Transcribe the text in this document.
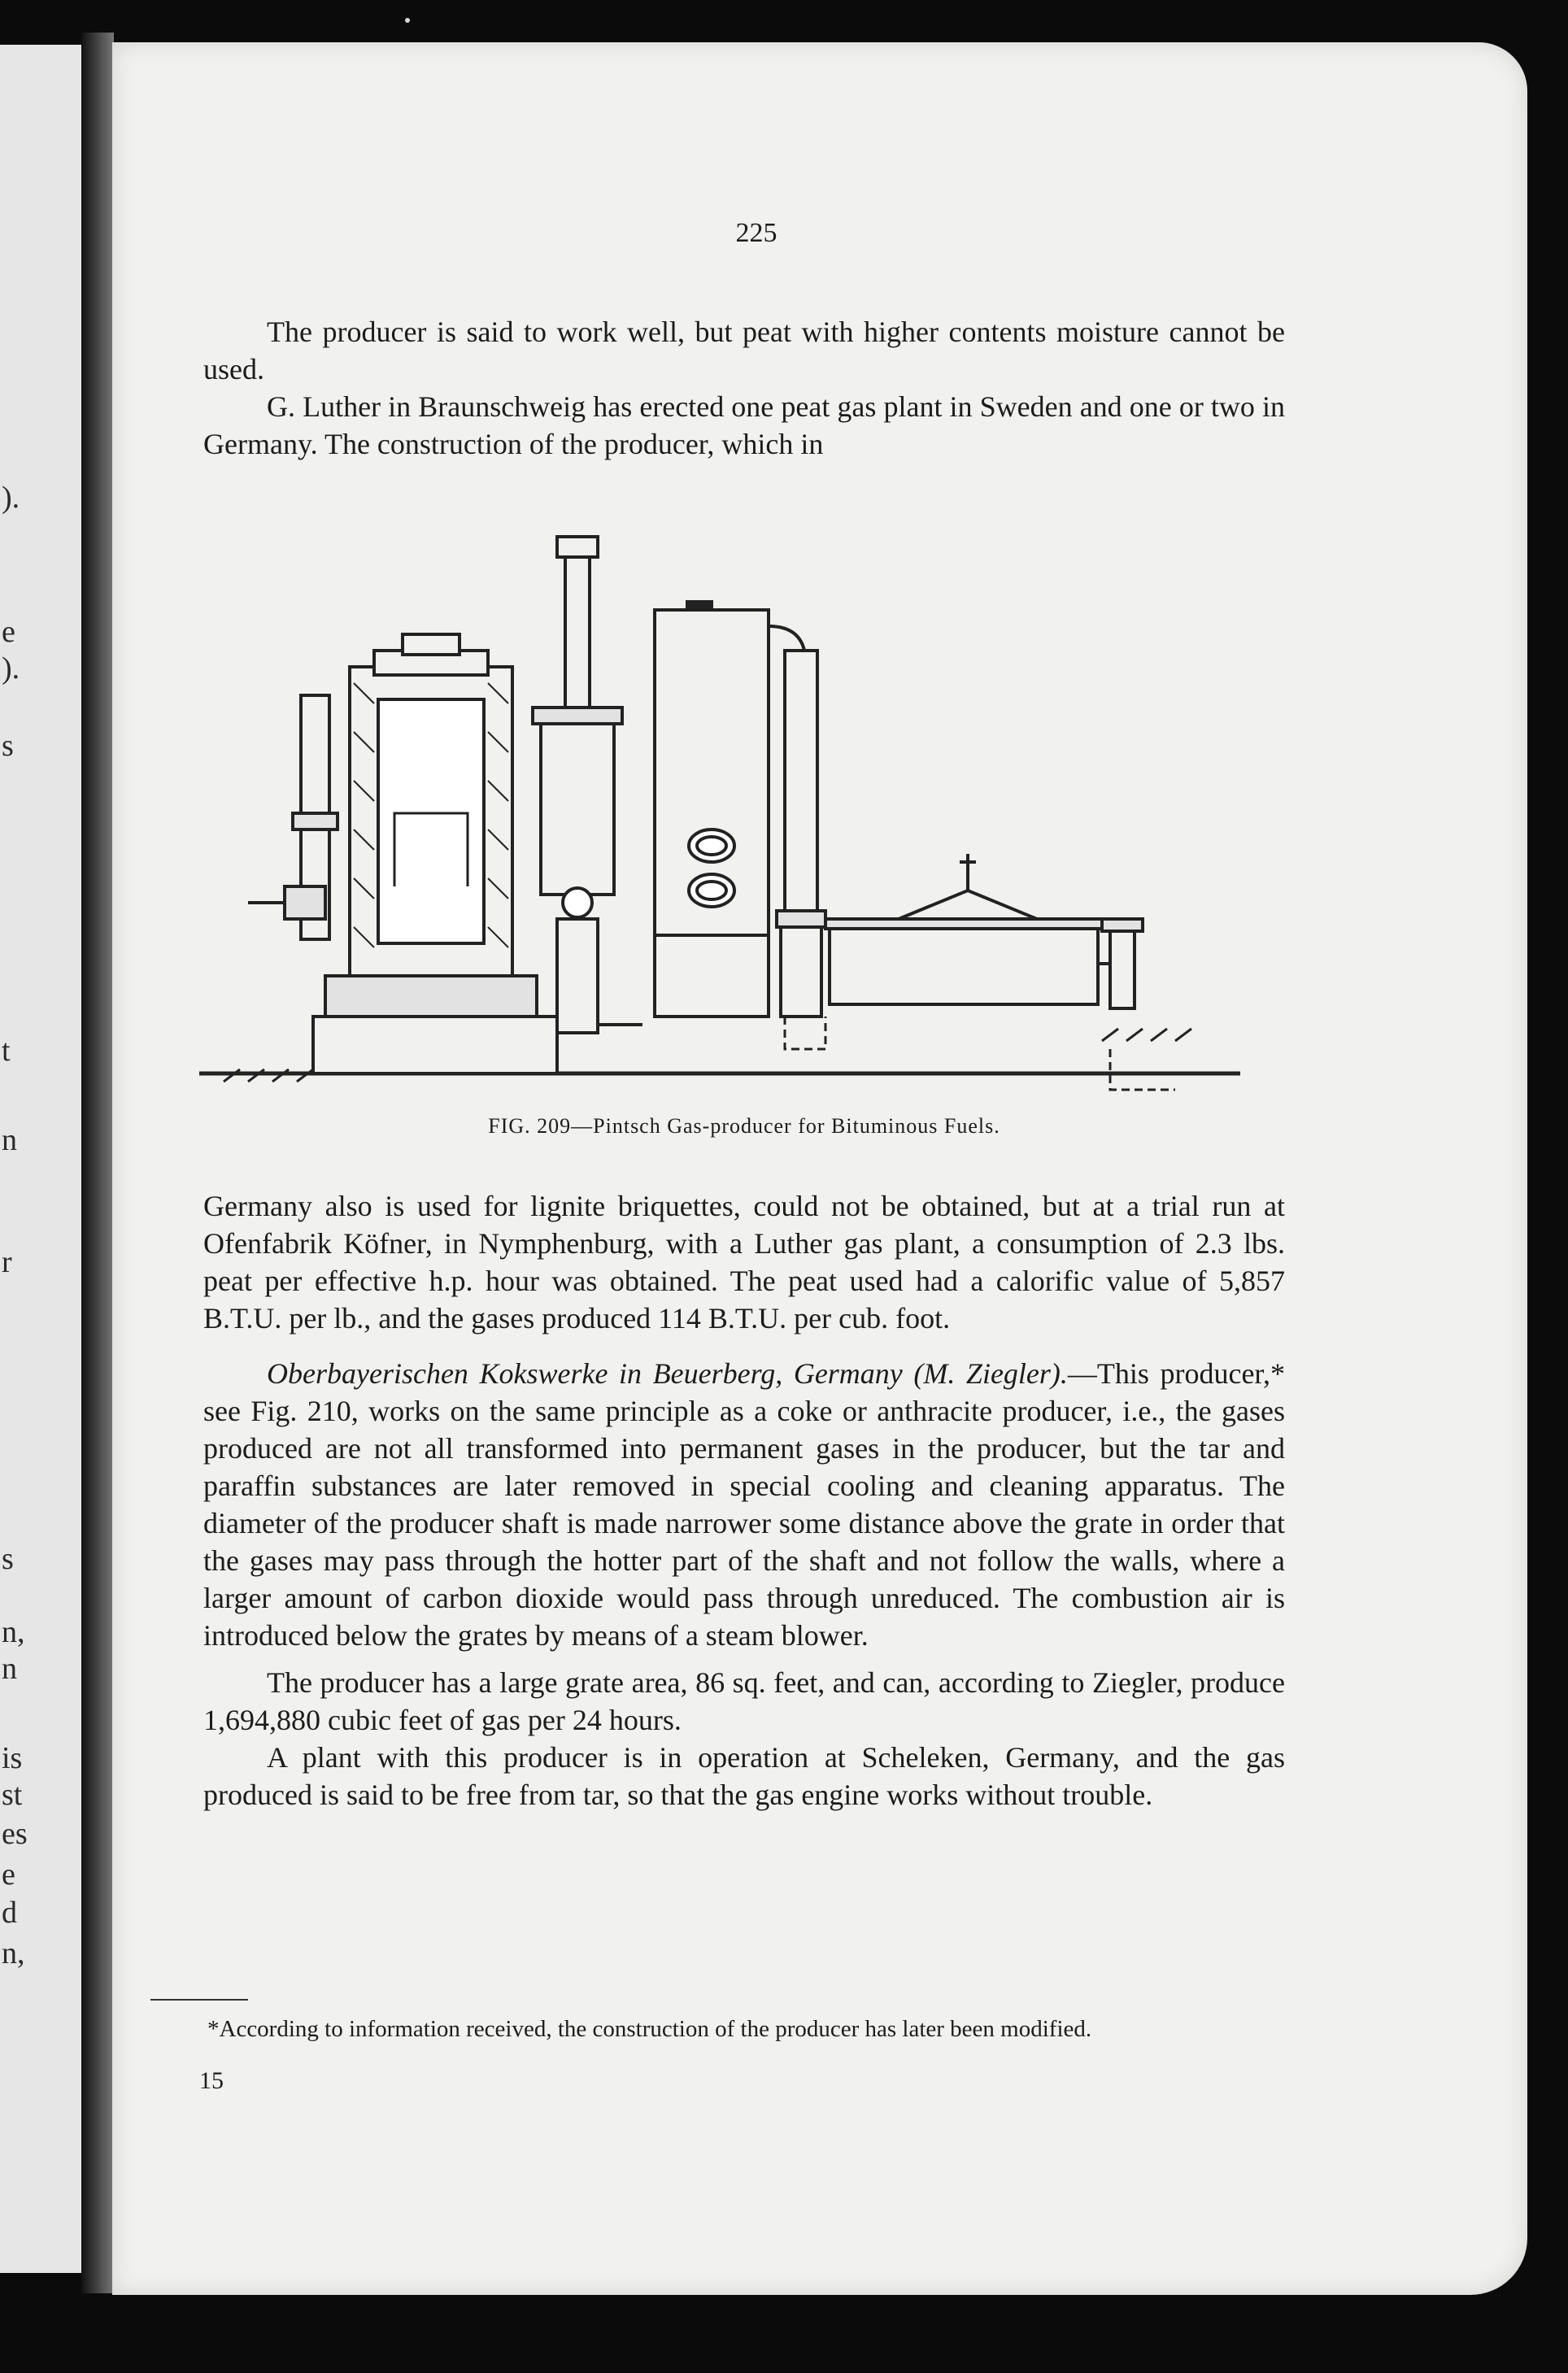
).
e
).
s
t
n
r
s
n,
n
is
st
es
e
d
n,
225

The producer is said to work well, but peat with higher contents moisture cannot be used.

G. Luther in Braunschweig has erected one peat gas plant in Sweden and one or two in Germany. The construction of the producer, which in

FIG. 209—Pintsch Gas-producer for Bituminous Fuels.

Germany also is used for lignite briquettes, could not be obtained, but at a trial run at Ofenfabrik Köfner, in Nymphenburg, with a Luther gas plant, a consumption of 2.3 lbs. peat per effective h.p. hour was obtained. The peat used had a calorific value of 5,857 B.T.U. per lb., and the gases produced 114 B.T.U. per cub. foot.

Oberbayerischen Kokswerke in Beuerberg, Germany (M. Ziegler).—This producer,* see Fig. 210, works on the same principle as a coke or anthracite producer, i.e., the gases produced are not all transformed into permanent gases in the producer, but the tar and paraffin substances are later removed in special cooling and cleaning apparatus. The diameter of the producer shaft is made narrower some distance above the grate in order that the gases may pass through the hotter part of the shaft and not follow the walls, where a larger amount of carbon dioxide would pass through unreduced. The combustion air is introduced below the grates by means of a steam blower.

The producer has a large grate area, 86 sq. feet, and can, according to Ziegler, produce 1,694,880 cubic feet of gas per 24 hours.

A plant with this producer is in operation at Scheleken, Germany, and the gas produced is said to be free from tar, so that the gas engine works without trouble.

*According to information received, the construction of the producer has later been modified.

15
